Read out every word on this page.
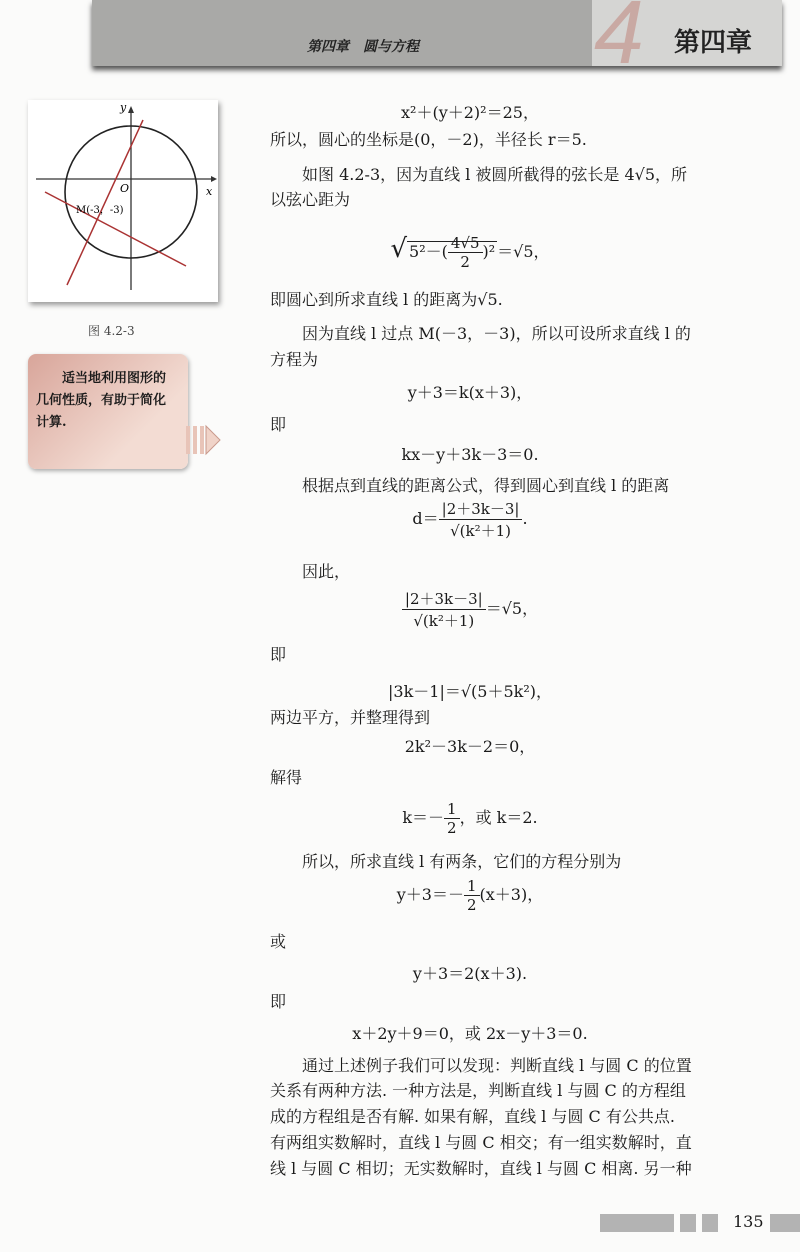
4 第四章
第四章　圆与方程
y
x
O
M(-3，-3)
图 4.2-3
　　适当地利用图形的几何性质，有助于简化计算.
x²＋(y＋2)²＝25，
所以，圆心的坐标是(0，－2)，半径长 r＝5.
如图 4.2-3，因为直线 l 被圆所截得的弦长是 4√5，所
以弦心距为
√ $5^2-( \frac{4√5}{2} )^2 =√5$，
即圆心到所求直线 l 的距离为√5.
因为直线 l 过点 M(－3，－3)，所以可设所求直线 l 的
方程为
y＋3＝k(x＋3)，
即
kx－y＋3k－3＝0.
根据点到直线的距离公式，得到圆心到直线 l 的距离
$d= \frac{|2+3k-3|}{\text{√(k²＋1)}}$ .
因此，
$\frac{|2+3k-3|}{\text{√(k²＋1)}} =√5$，
即
|3k－1|＝√(5＋5k²)，
两边平方，并整理得到
2k²－3k－2＝0，
解得
$k=- \frac{1}{2}$ ，或 k＝2.
所以，所求直线 l 有两条，它们的方程分别为
$y+3=- \frac{1}{2} (x+3)$，
或
y＋3＝2(x＋3).
即
x＋2y＋9＝0，或 2x－y＋3＝0.
通过上述例子我们可以发现：判断直线 l 与圆 C 的位置
关系有两种方法. 一种方法是，判断直线 l 与圆 C 的方程组
成的方程组是否有解. 如果有解，直线 l 与圆 C 有公共点.
有两组实数解时，直线 l 与圆 C 相交；有一组实数解时，直
线 l 与圆 C 相切；无实数解时，直线 l 与圆 C 相离. 另一种
135
